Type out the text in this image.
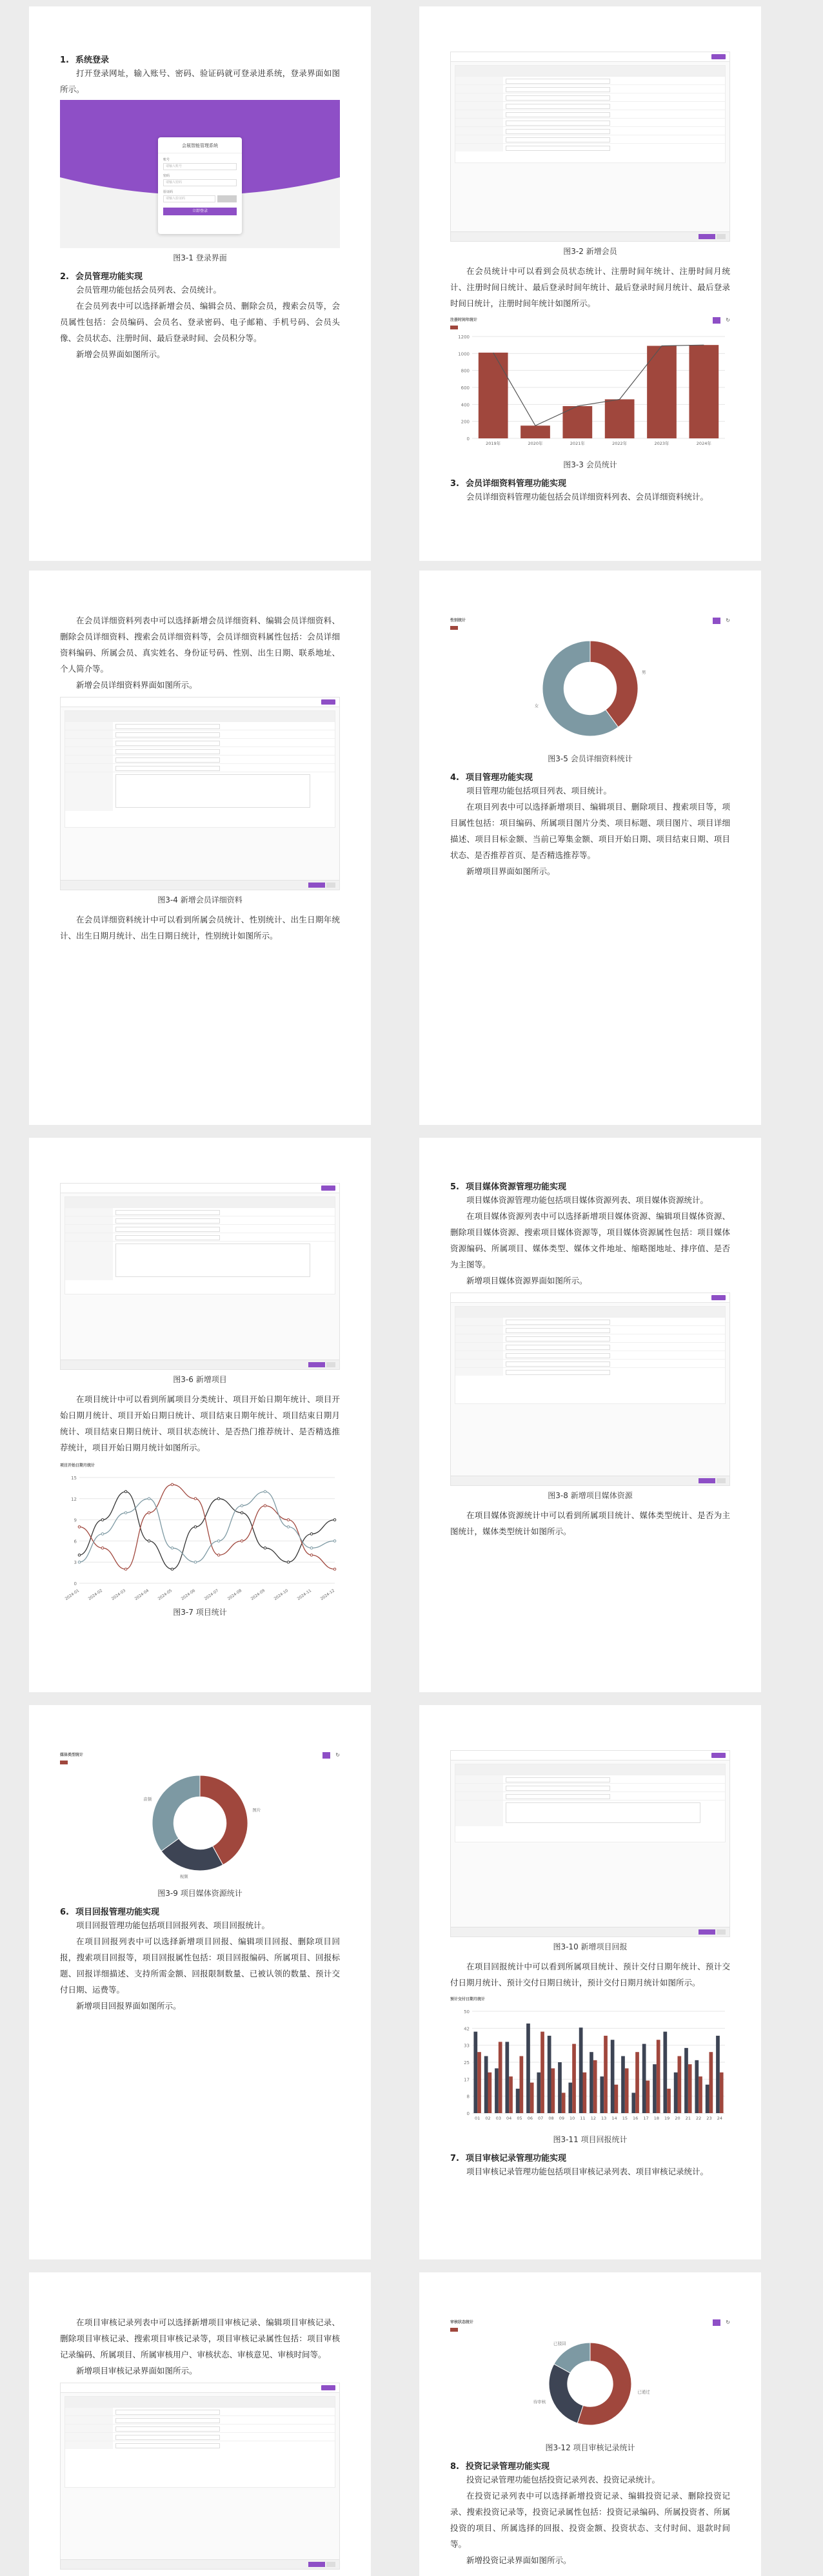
1. 系统登录

打开登录网址，输入账号、密码、验证码就可登录进系统，登录界面如图所示。

会展智能管理系统
账号
请输入账号
密码
请输入密码
验证码
请输入验证码
立即登录

图3-1 登录界面

2. 会员管理功能实现

会员管理功能包括会员列表、会员统计。

在会员列表中可以选择新增会员、编辑会员、删除会员，搜索会员等，会员属性包括：会员编码、会员名、登录密码、电子邮箱、手机号码、会员头像、会员状态、注册时间、最后登录时间、会员积分等。

新增会员界面如图所示。

图3-2 新增会员

在会员统计中可以看到会员状态统计、注册时间年统计、注册时间月统计、注册时间日统计、最后登录时间年统计、最后登录时间月统计、最后登录时间日统计，注册时间年统计如图所示。

注册时间年统计	↻
0
200
400
600
800
1000
1200
2019年	2020年	2021年	2022年	2023年	2024年

图3-3 会员统计

3. 会员详细资料管理功能实现

会员详细资料管理功能包括会员详细资料列表、会员详细资料统计。

在会员详细资料列表中可以选择新增会员详细资料、编辑会员详细资料、删除会员详细资料、搜索会员详细资料等，会员详细资料属性包括：会员详细资料编码、所属会员、真实姓名、身份证号码、性别、出生日期、联系地址、个人简介等。

新增会员详细资料界面如图所示。

图3-4 新增会员详细资料

在会员详细资料统计中可以看到所属会员统计、性别统计、出生日期年统计、出生日期月统计、出生日期日统计，性别统计如图所示。

性别统计	↻
男
女

图3-5 会员详细资料统计

4. 项目管理功能实现

项目管理功能包括项目列表、项目统计。

在项目列表中可以选择新增项目、编辑项目、删除项目、搜索项目等，项目属性包括：项目编码、所属项目图片分类、项目标题、项目图片、项目详细描述、项目目标金额、当前已筹集金额、项目开始日期、项目结束日期、项目状态、是否推荐首页、是否精选推荐等。

新增项目界面如图所示。

图3-6 新增项目

在项目统计中可以看到所属项目分类统计、项目开始日期年统计、项目开始日期月统计、项目开始日期日统计、项目结束日期年统计、项目结束日期月统计、项目结束日期日统计、项目状态统计、是否热门推荐统计、是否精选推荐统计，项目开始日期月统计如图所示。

项目开始日期月统计
0
3
6
9
12
15
2024-01 2024-02 2024-03 2024-04 2024-05 2024-06 2024-07 2024-08 2024-09 2024-10 2024-11 2024-12

图3-7 项目统计

5. 项目媒体资源管理功能实现

项目媒体资源管理功能包括项目媒体资源列表、项目媒体资源统计。

在项目媒体资源列表中可以选择新增项目媒体资源、编辑项目媒体资源、删除项目媒体资源、搜索项目媒体资源等，项目媒体资源属性包括：项目媒体资源编码、所属项目、媒体类型、媒体文件地址、缩略图地址、排序值、是否为主图等。

新增项目媒体资源界面如图所示。

图3-8 新增项目媒体资源

在项目媒体资源统计中可以看到所属项目统计、媒体类型统计、是否为主图统计，媒体类型统计如图所示。

媒体类型统计	↻
图片
视频
音频

图3-9 项目媒体资源统计

6. 项目回报管理功能实现

项目回报管理功能包括项目回报列表、项目回报统计。

在项目回报列表中可以选择新增项目回报、编辑项目回报、删除项目回报，搜索项目回报等，项目回报属性包括：项目回报编码、所属项目、回报标题、回报详细描述、支持所需金额、回报限制数量、已被认领的数量、预计交付日期、运费等。

新增项目回报界面如图所示。

图3-10 新增项目回报

在项目回报统计中可以看到所属项目统计、预计交付日期年统计、预计交付日期月统计、预计交付日期日统计，预计交付日期月统计如图所示。

预计交付日期月统计
0
8
17
25
33
42
50
01 02 03 04 05 06 07 08 09 10 11 12 13 14 15 16 17 18 19 20 21 22 23 24

图3-11 项目回报统计

7. 项目审核记录管理功能实现

项目审核记录管理功能包括项目审核记录列表、项目审核记录统计。

在项目审核记录列表中可以选择新增项目审核记录、编辑项目审核记录、删除项目审核记录、搜索项目审核记录等，项目审核记录属性包括：项目审核记录编码、所属项目、所属审核用户、审核状态、审核意见、审核时间等。

新增项目审核记录界面如图所示。

审核状态统计	↻
已通过
待审核
已驳回

图3-12 项目审核记录统计

8. 投资记录管理功能实现

投资记录管理功能包括投资记录列表、投资记录统计。

在投资记录列表中可以选择新增投资记录、编辑投资记录、删除投资记录、搜索投资记录等，投资记录属性包括：投资记录编码、所属投资者、所属投资的项目、所属选择的回报、投资金额、投资状态、支付时间、退款时间等。

新增投资记录界面如图所示。
